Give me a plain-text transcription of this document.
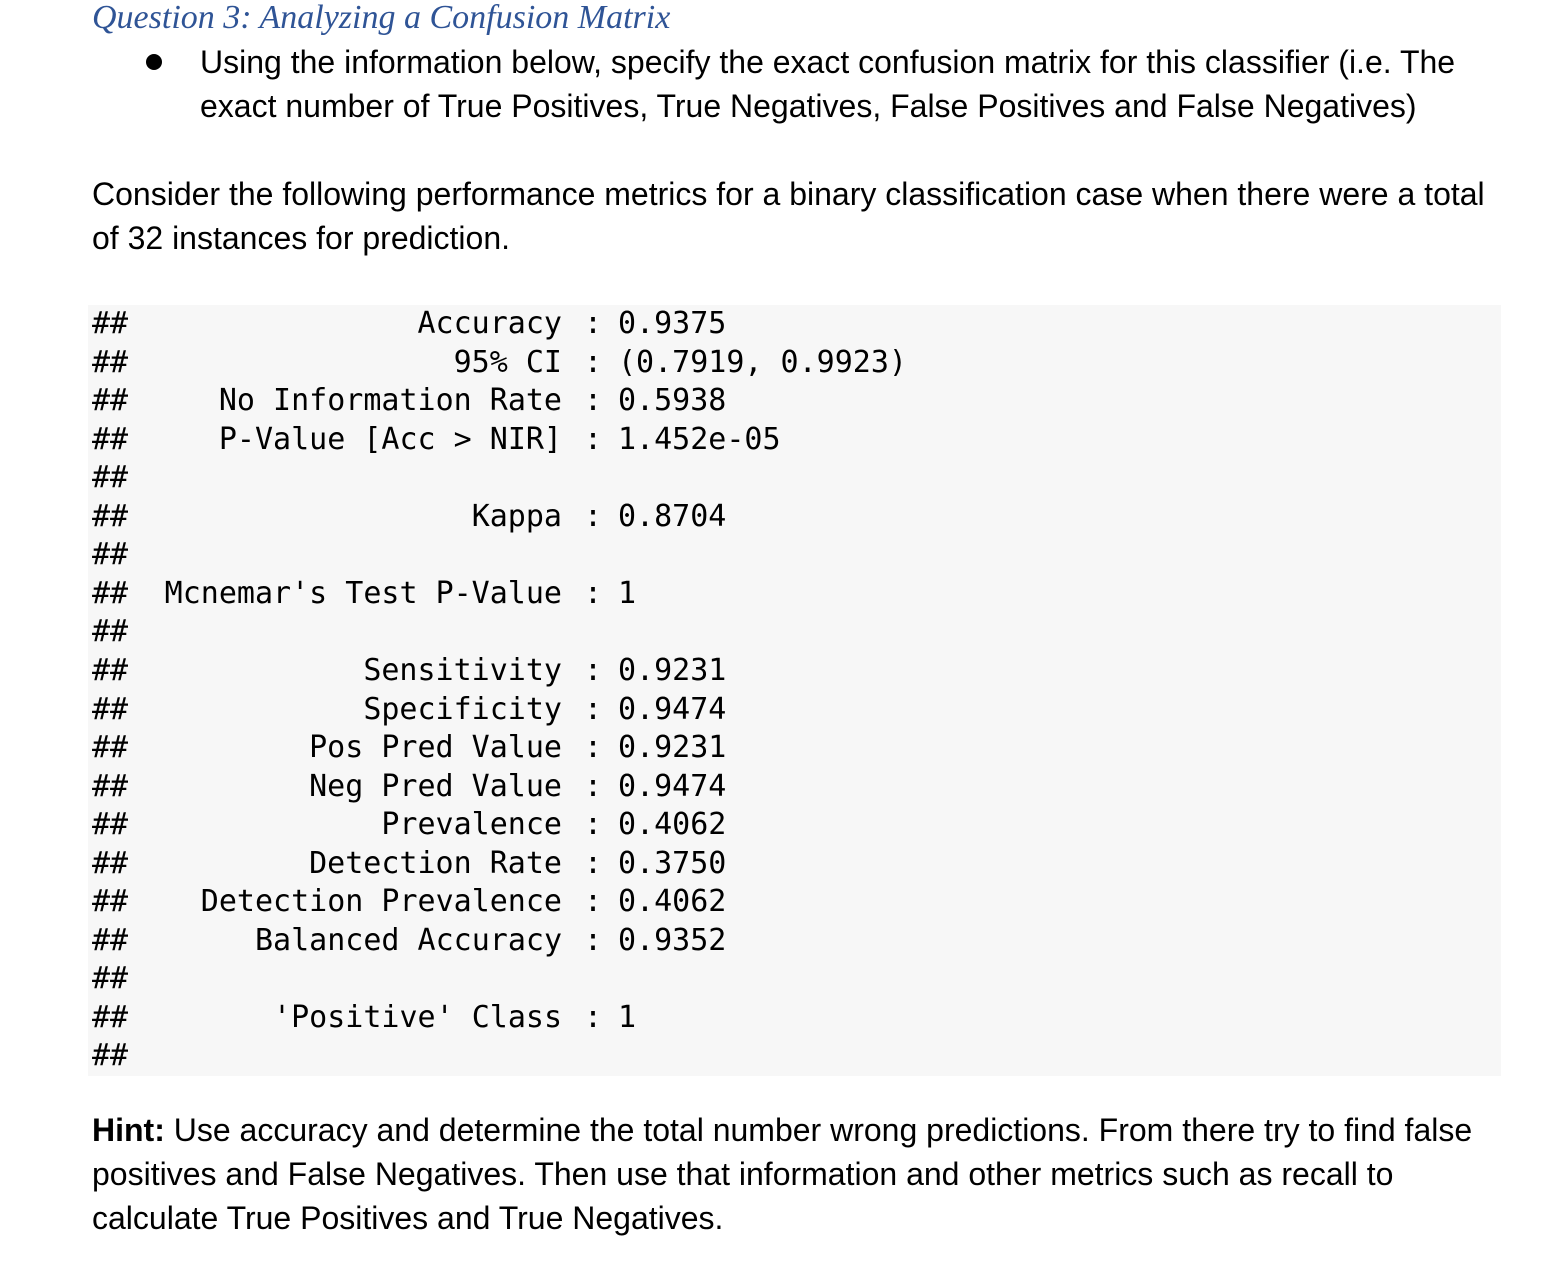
Question 3: Analyzing a Confusion Matrix
Using the information below, specify the exact confusion matrix for this classifier (i.e. The exact number of True Positives, True Negatives, False Positives and False Negatives)

Consider the following performance metrics for a binary classification case when there were a total of 32 instances for prediction.

##	Accuracy : 0.9375
##	95% CI : (0.7919, 0.9923)
##	No Information Rate : 0.5938
##	P-Value [Acc > NIR] : 1.452e-05
##
##	Kappa : 0.8704
##
##	Mcnemar's Test P-Value : 1
##
##	Sensitivity : 0.9231
##	Specificity : 0.9474
##	Pos Pred Value : 0.9231
##	Neg Pred Value : 0.9474
##	Prevalence : 0.4062
##	Detection Rate : 0.3750
##	Detection Prevalence : 0.4062
##	Balanced Accuracy : 0.9352
##
##	'Positive' Class : 1
##

Hint: Use accuracy and determine the total number wrong predictions. From there try to find false positives and False Negatives. Then use that information and other metrics such as recall to calculate True Positives and True Negatives.
